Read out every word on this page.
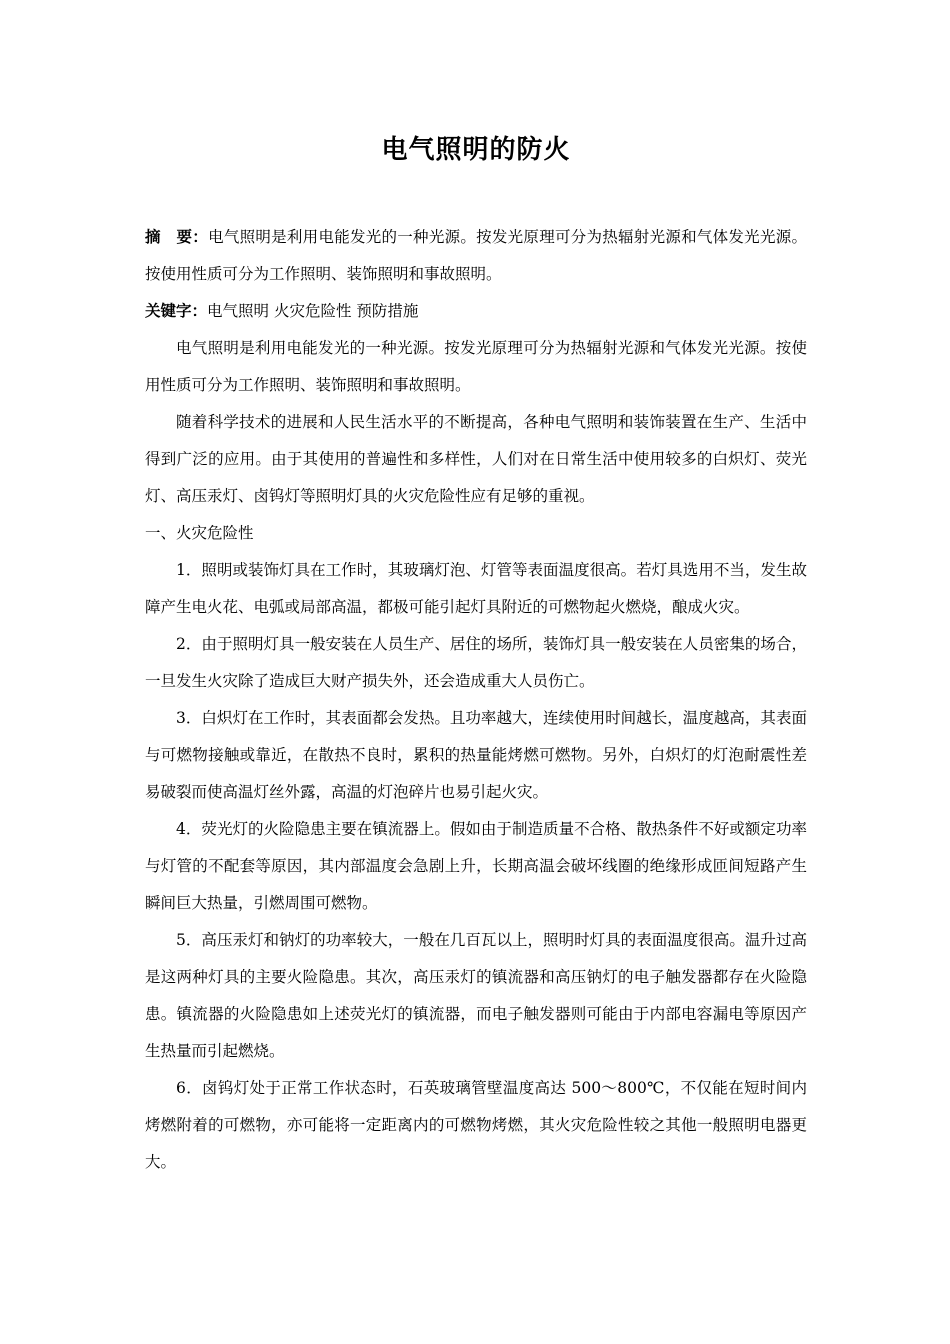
电气照明的防火

摘　要：电气照明是利用电能发光的一种光源。按发光原理可分为热辐射光源和气体发光光源。按使用性质可分为工作照明、装饰照明和事故照明。

关键字：电气照明 火灾危险性 预防措施

电气照明是利用电能发光的一种光源。按发光原理可分为热辐射光源和气体发光光源。按使用性质可分为工作照明、装饰照明和事故照明。

随着科学技术的进展和人民生活水平的不断提高，各种电气照明和装饰装置在生产、生活中得到广泛的应用。由于其使用的普遍性和多样性，人们对在日常生活中使用较多的白炽灯、荧光灯、高压汞灯、卤钨灯等照明灯具的火灾危险性应有足够的重视。

一、火灾危险性

1．照明或装饰灯具在工作时，其玻璃灯泡、灯管等表面温度很高。若灯具选用不当，发生故障产生电火花、电弧或局部高温，都极可能引起灯具附近的可燃物起火燃烧，酿成火灾。

2．由于照明灯具一般安装在人员生产、居住的场所，装饰灯具一般安装在人员密集的场合，一旦发生火灾除了造成巨大财产损失外，还会造成重大人员伤亡。

3．白炽灯在工作时，其表面都会发热。且功率越大，连续使用时间越长，温度越高，其表面与可燃物接触或靠近，在散热不良时，累积的热量能烤燃可燃物。另外，白炽灯的灯泡耐震性差易破裂而使高温灯丝外露，高温的灯泡碎片也易引起火灾。

4．荧光灯的火险隐患主要在镇流器上。假如由于制造质量不合格、散热条件不好或额定功率与灯管的不配套等原因，其内部温度会急剧上升，长期高温会破坏线圈的绝缘形成匝间短路产生瞬间巨大热量，引燃周围可燃物。

5．高压汞灯和钠灯的功率较大，一般在几百瓦以上，照明时灯具的表面温度很高。温升过高是这两种灯具的主要火险隐患。其次，高压汞灯的镇流器和高压钠灯的电子触发器都存在火险隐患。镇流器的火险隐患如上述荧光灯的镇流器，而电子触发器则可能由于内部电容漏电等原因产生热量而引起燃烧。

6．卤钨灯处于正常工作状态时，石英玻璃管壁温度高达 500～800℃，不仅能在短时间内烤燃附着的可燃物，亦可能将一定距离内的可燃物烤燃，其火灾危险性较之其他一般照明电器更大。
